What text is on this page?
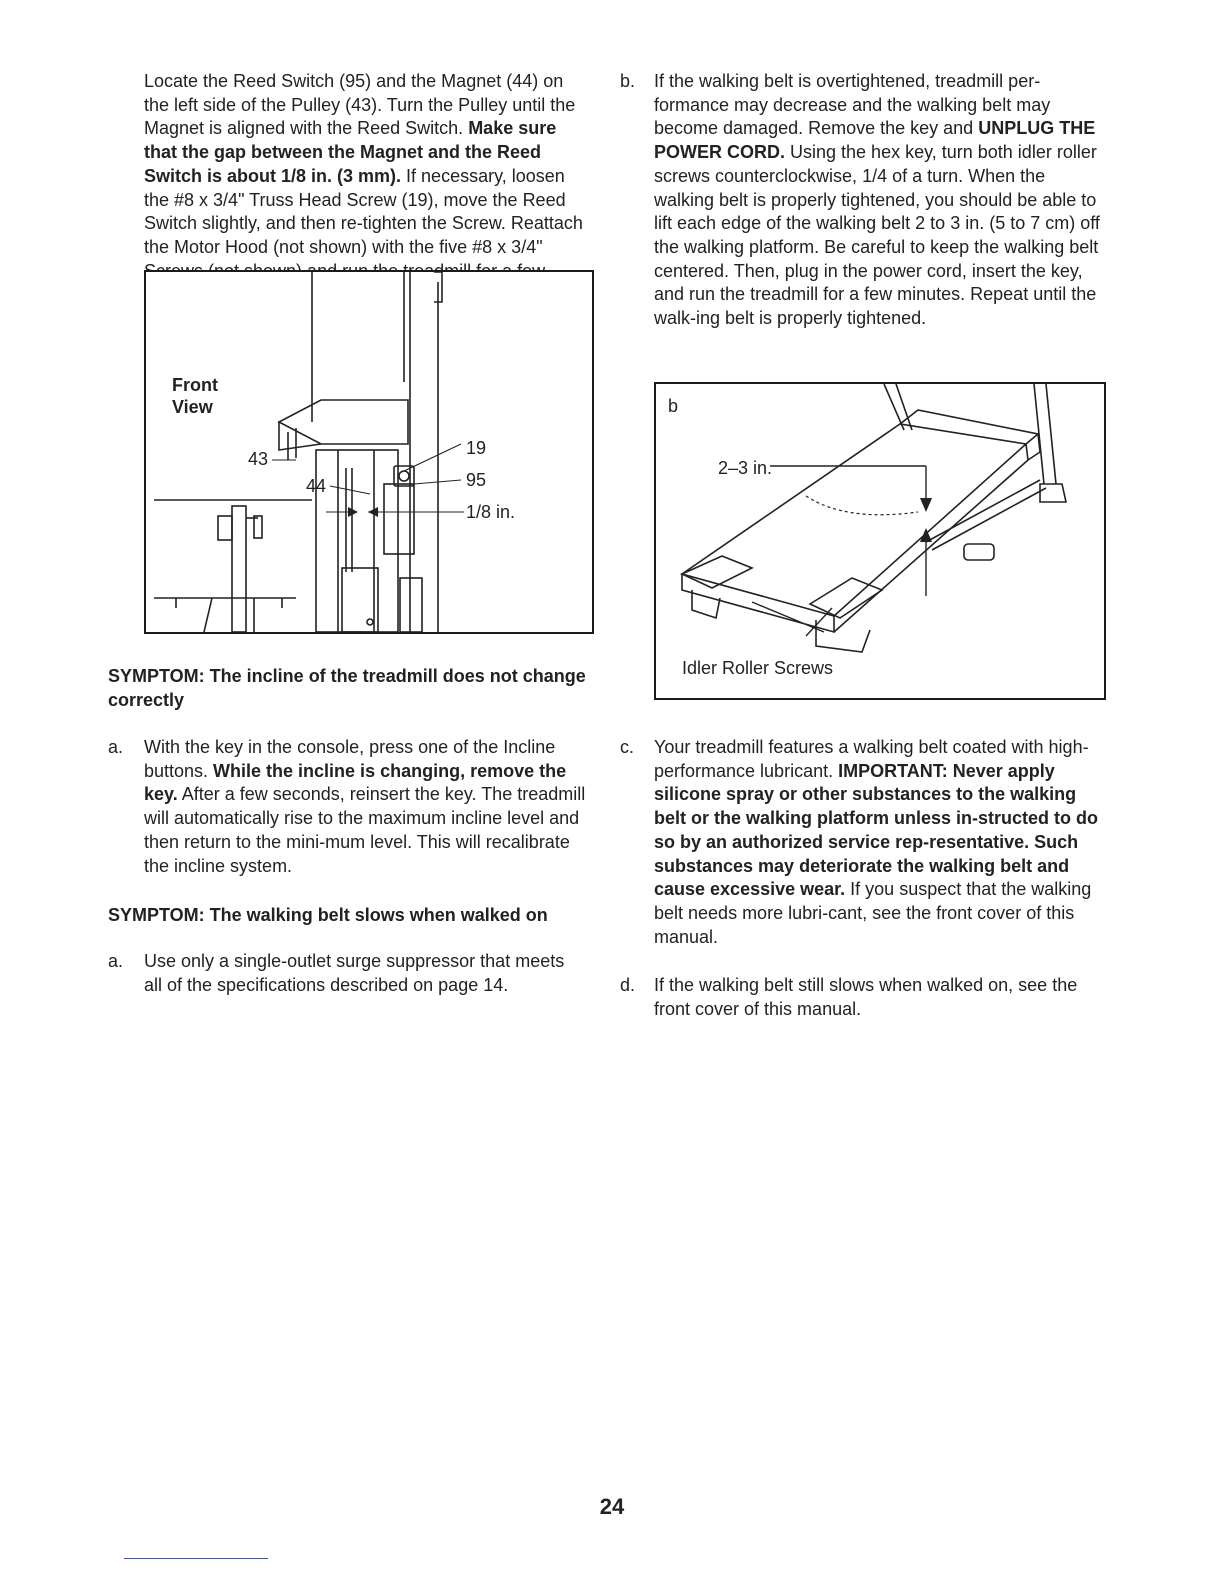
Locate the Reed Switch (95) and the Magnet (44) on the left side of the Pulley (43). Turn the Pulley until the Magnet is aligned with the Reed Switch. Make sure that the gap between the Magnet and the Reed Switch is about 1/8 in. (3 mm). If necessary, loosen the #8 x 3/4" Truss Head Screw (19), move the Reed Switch slightly, and then re-tighten the Screw. Reattach the Motor Hood (not shown) with the five #8 x 3/4"
Front
View
43
44
19
95
1/8 in.
SYMPTOM: The incline of the treadmill does not change correctly
a. With the key in the console, press one of the Incline buttons. While the incline is changing, remove the key. After a few seconds, reinsert the key. The treadmill will automatically rise to the maximum incline level and then return to the mini-mum level. This will recalibrate the incline system.
SYMPTOM: The walking belt slows when walked on
a. Use only a single-outlet surge suppressor that meets all of the specifications described on page 14.
b. If the walking belt is overtightened, treadmill per-formance may decrease and the walking belt may become damaged. Remove the key and UNPLUG THE POWER CORD. Using the hex key, turn both idler roller screws counterclockwise, 1/4 of a turn. When the walking belt is properly tightened, you should be able to lift each edge of the walking belt 2 to 3 in. (5 to 7 cm) off the walking platform. Be careful to keep the walking belt centered. Then, plug in the power cord, insert the key, and run the treadmill for a few minutes. Repeat until the walk-ing belt is properly tightened.
b
2–3 in.
Idler Roller Screws
c. Your treadmill features a walking belt coated with high-performance lubricant. IMPORTANT: Never apply silicone spray or other substances to the walking belt or the walking platform unless in-structed to do so by an authorized service rep-resentative. Such substances may deteriorate the walking belt and cause excessive wear. If you suspect that the walking belt needs more lubri-cant, see the front cover of this manual.
d. If the walking belt still slows when walked on, see the front cover of this manual.
24
